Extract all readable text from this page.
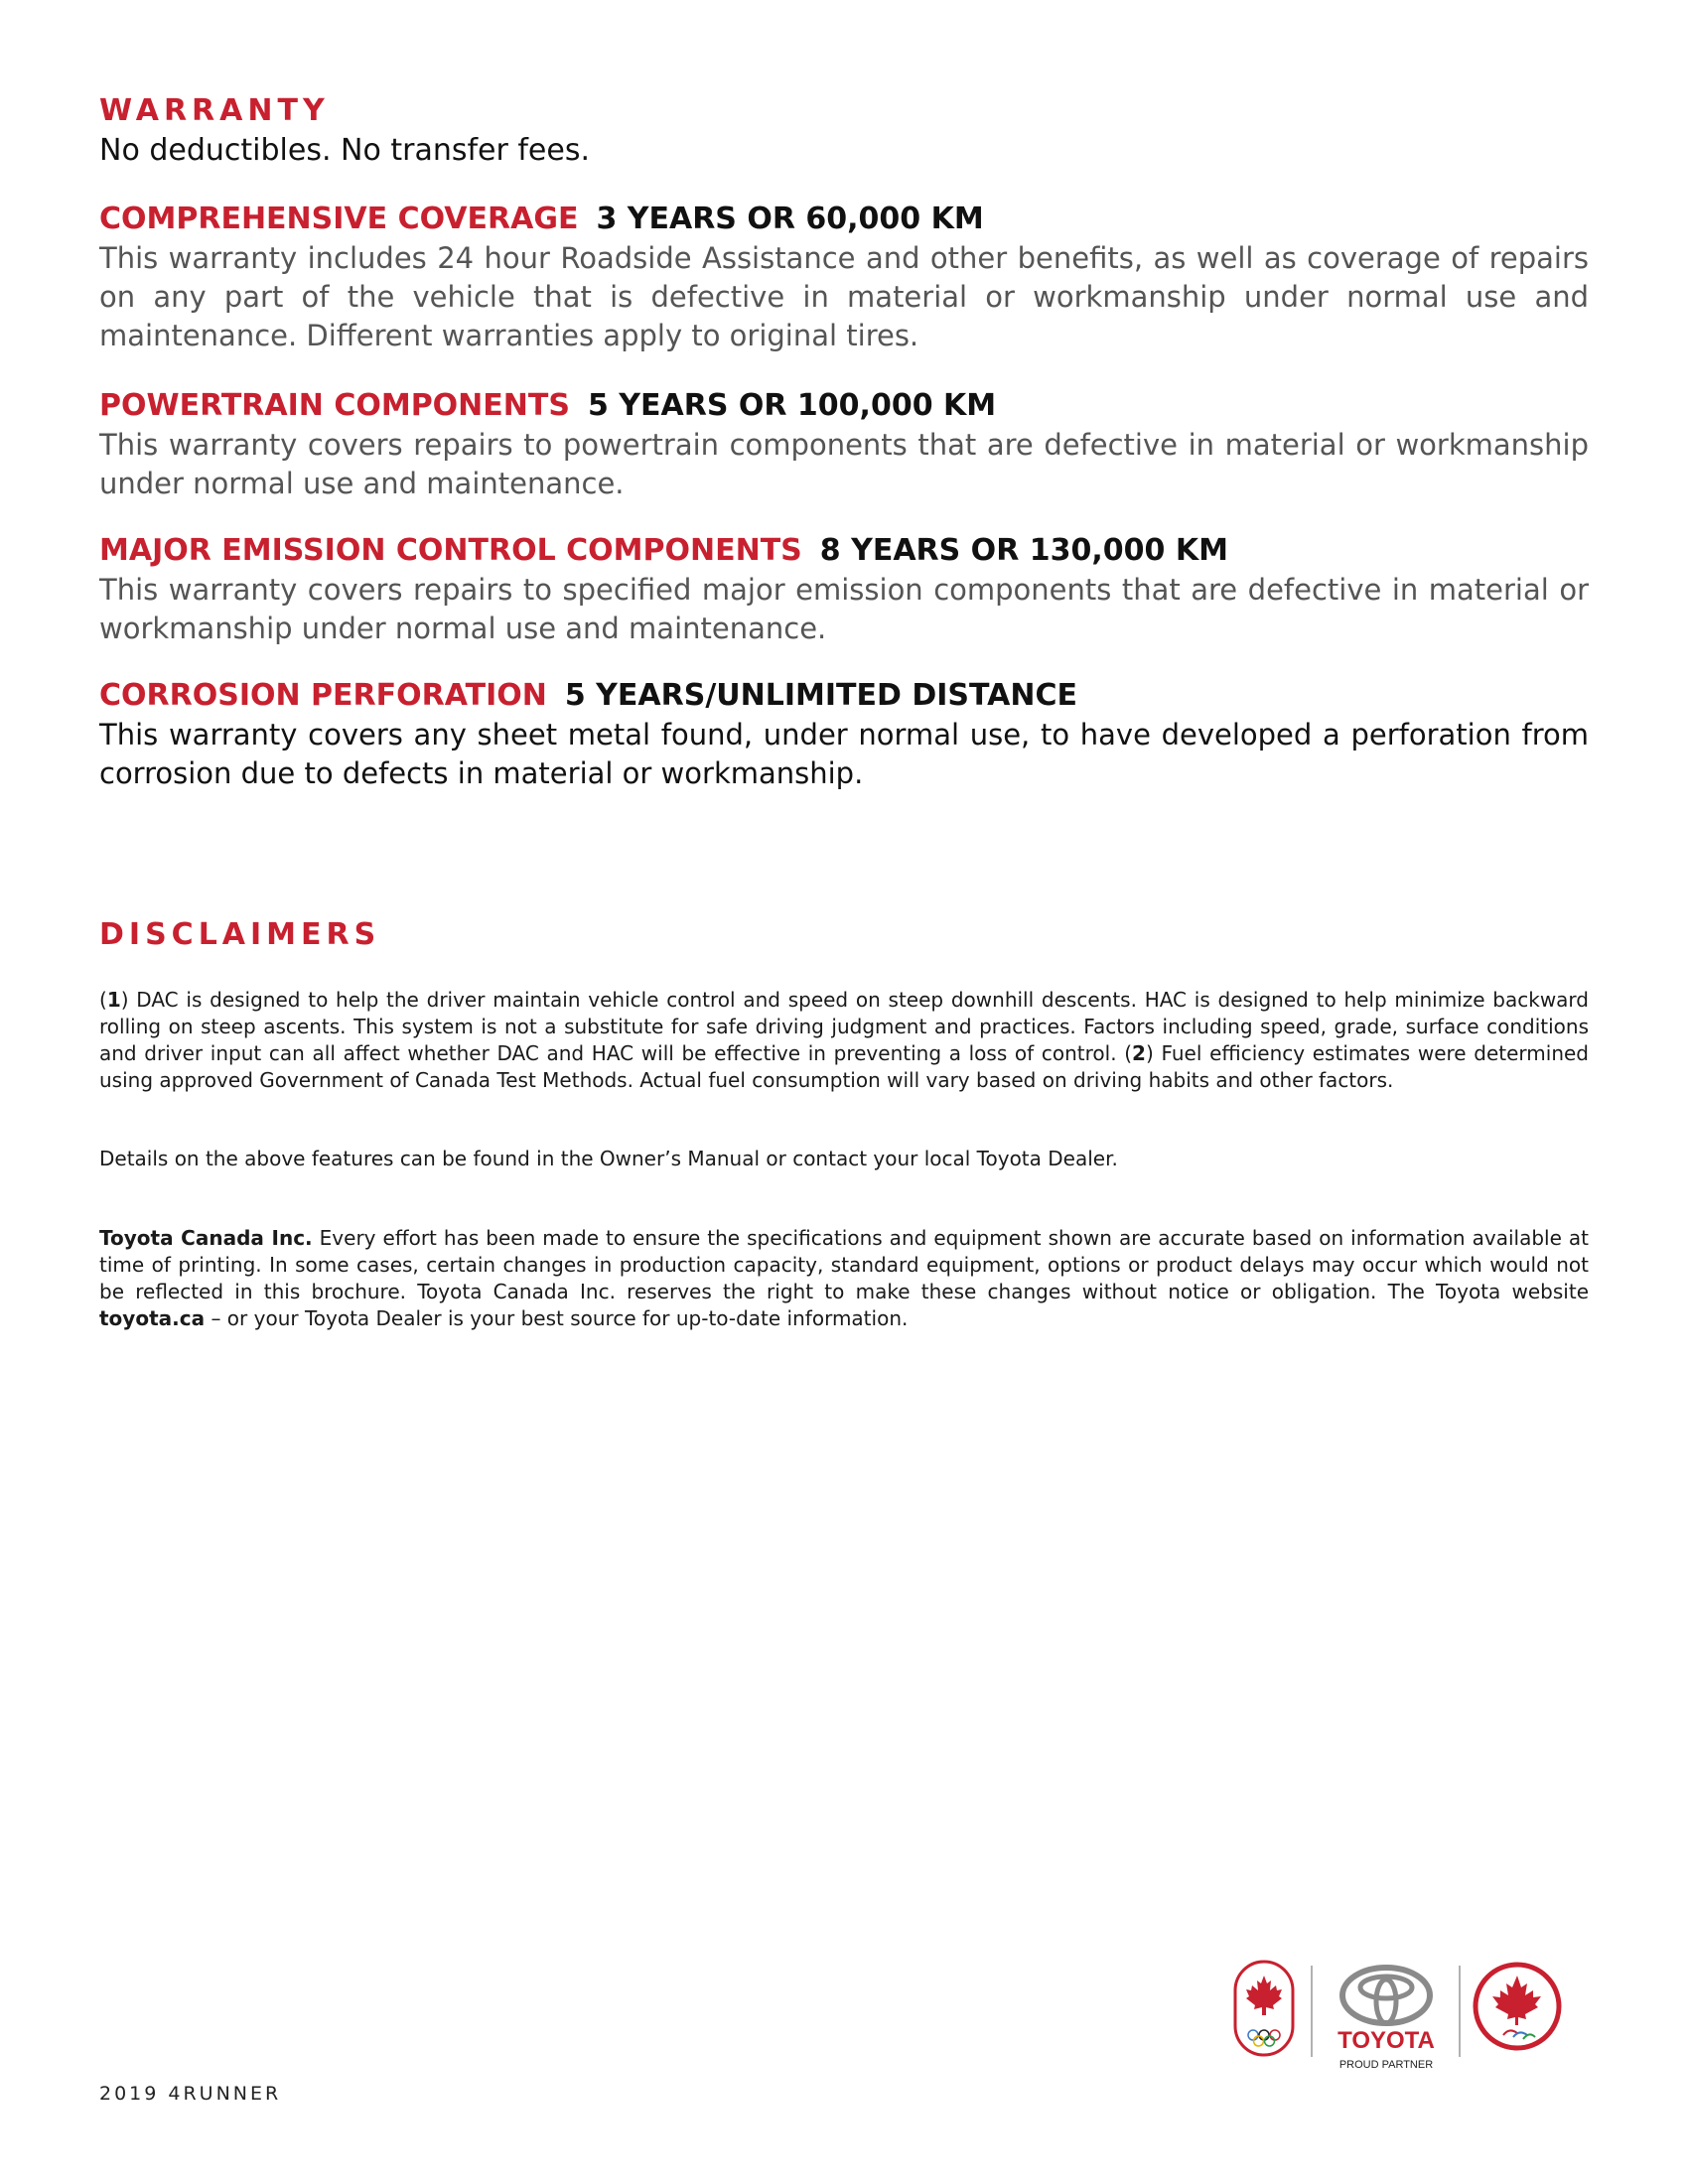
WARRANTY
No deductibles. No transfer fees.
COMPREHENSIVE COVERAGE 3 YEARS OR 60,000 KM
This warranty includes 24 hour Roadside Assistance and other benefits, as well as coverage of repairs on any part of the vehicle that is defective in material or workmanship under normal use and maintenance. Different warranties apply to original tires.
POWERTRAIN COMPONENTS 5 YEARS OR 100,000 KM
This warranty covers repairs to powertrain components that are defective in material or workmanship under normal use and maintenance.
MAJOR EMISSION CONTROL COMPONENTS 8 YEARS OR 130,000 KM
This warranty covers repairs to specified major emission components that are defective in material or workmanship under normal use and maintenance.
CORROSION PERFORATION 5 YEARS/UNLIMITED DISTANCE
This warranty covers any sheet metal found, under normal use, to have developed a perforation from corrosion due to defects in material or workmanship.
DISCLAIMERS
(1) DAC is designed to help the driver maintain vehicle control and speed on steep downhill descents. HAC is designed to help minimize backward rolling on steep ascents. This system is not a substitute for safe driving judgment and practices. Factors including speed, grade, surface conditions and driver input can all affect whether DAC and HAC will be effective in preventing a loss of control. (2) Fuel efficiency estimates were determined using approved Government of Canada Test Methods. Actual fuel consumption will vary based on driving habits and other factors.
Details on the above features can be found in the Owner’s Manual or contact your local Toyota Dealer.
Toyota Canada Inc. Every effort has been made to ensure the specifications and equipment shown are accurate based on information available at time of printing. In some cases, certain changes in production capacity, standard equipment, options or product delays may occur which would not be reflected in this brochure. Toyota Canada Inc. reserves the right to make these changes without notice or obligation. The Toyota website toyota.ca – or your Toyota Dealer is your best source for up-to-date information.
2019 4RUNNER
TOYOTA
PROUD PARTNER
